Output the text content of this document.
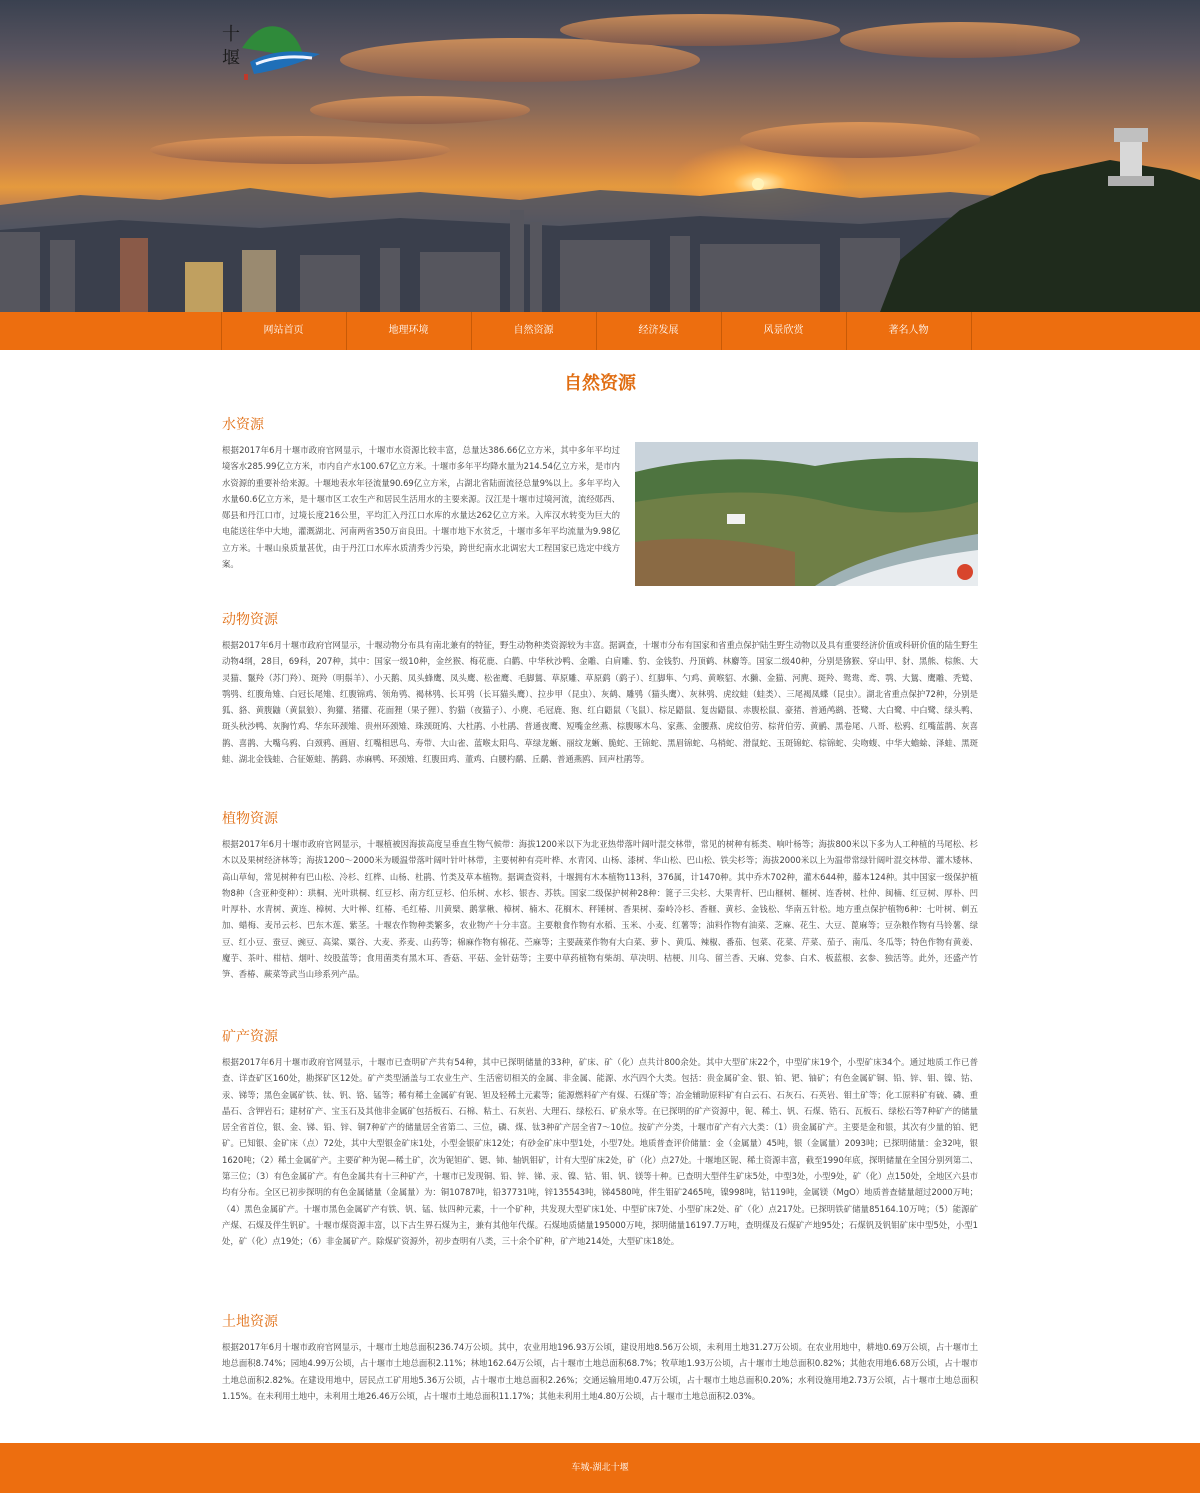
十
堰
网站首页	地理环境	自然资源	经济发展	风景欣赏	著名人物
自然资源
水资源

根据2017年6月十堰市政府官网显示，十堰市水资源比较丰富，总量达386.66亿立方米，其中多年平均过境客水285.99亿立方米，市内自产水100.67亿立方米。十堰市多年平均降水量为214.54亿立方米，是市内水资源的重要补给来源。十堰地表水年径流量90.69亿立方米，占湖北省陆面流径总量9%以上。多年平均入水量60.6亿立方米，是十堰市区工农生产和居民生活用水的主要来源。汉江是十堰市过境河流，流经郧西、郧县和丹江口市，过境长度216公里，平均汇入丹江口水库的水量达262亿立方米。入库汉水转变为巨大的电能送往华中大地，灌溉湖北、河南两省350万亩良田。十堰市地下水贫乏，十堰市多年平均流量为9.98亿立方米。十堰山泉质量甚优，由于丹江口水库水质清秀少污染，跨世纪南水北调宏大工程国家已选定中线方案。

动物资源

根据2017年6月十堰市政府官网显示，十堰动物分布具有南北兼有的特征，野生动物种类资源较为丰富。据调查，十堰市分布有国家和省重点保护陆生野生动物以及具有重要经济价值或科研价值的陆生野生动物4纲，28目，69科，207种，其中：国家一级10种，金丝猴、梅花鹿、白鹳、中华秋沙鸭、金雕、白肩雕、豹、金钱豹、丹顶鹤、林麝等。国家二级40种，分别是猕猴、穿山甲、豺、黑熊、棕熊、大灵猫、鬣羚（苏门羚）、斑羚（明鬃羊）、小天鹅、凤头蜂鹰、凤头鹰、松雀鹰、毛脚鵟、草原雕、草原鹞（鹞子）、红脚隼、勺鸡、黄喉貂、水獭、金猫、河麂、斑羚、鸳鸯、鸢、鹗、大鵟、鹰雕、秃鹫、鹗鸮、红腹角雉、白冠长尾雉、红腹锦鸡、领角鸮、褐林鸮、长耳鸮（长耳猫头鹰）、拉步甲（昆虫）、灰鹤、雕鸮（猫头鹰）、灰林鸮、虎纹蛙（蛙类）、三尾褐凤蝶（昆虫）。湖北省重点保护72种，分别是狐、貉、黄腹鼬（黄鼠狼）、狗獾、猪獾、花面狸（果子狸）、豹猫（夜猫子）、小麂、毛冠鹿、狍、红白鼯鼠（飞鼠）、棕足鼯鼠、复齿鼯鼠、赤腹松鼠、豪猪、普通鸬鹚、苍鹭、大白鹭、中白鹭、绿头鸭、斑头秋沙鸭、灰胸竹鸡、华东环颈雉、贵州环颈雉、珠颈斑鸠、大杜鹃、小杜鹃、普通夜鹰、短嘴金丝燕、棕腹啄木鸟、家燕、金腰燕、虎纹伯劳、棕背伯劳、黄鹂、黑卷尾、八哥、松鸦、红嘴蓝鹊、灰喜鹊、喜鹊、大嘴乌鸦、白颈鸦、画眉、红嘴相思鸟、寿带、大山雀、蓝喉太阳鸟、草绿龙蜥、丽纹龙蜥、脆蛇、王锦蛇、黑眉锦蛇、乌梢蛇、滑鼠蛇、玉斑锦蛇、棕锦蛇、尖吻蝮、中华大蟾蜍、泽蛙、黑斑蛙、湖北金钱蛙、合征姬蛙、鹊鹞、赤麻鸭、环颈雉、红腹田鸡、董鸡、白腰杓鹬、丘鹬、普通燕鸥、回声杜鹃等。

植物资源

根据2017年6月十堰市政府官网显示，十堰植被因海拔高度呈垂直生物气候带：海拔1200米以下为北亚热带落叶阔叶混交林带，常见的树种有栎类、响叶杨等；海拔800米以下多为人工种植的马尾松、杉木以及果树经济林等；海拔1200～2000米为暖温带落叶阔叶针叶林带，主要树种有亮叶桦、水青冈、山杨、漆树、华山松、巴山松、铁尖杉等；海拔2000米以上为温带常绿针阔叶混交林带、灌木矮林、高山草甸，常见树种有巴山松、冷杉、红桦、山杨、杜鹃、竹类及草本植物。据调查资料，十堰拥有木本植物113科，376属，计1470种。其中乔木702种，灌木644种，藤本124种。其中国家一级保护植物8种（含亚种变种）：珙桐、光叶珙桐、红豆杉、南方红豆杉、伯乐树、水杉、银杏、苏铁。国家二级保护树种28种：篦子三尖杉、大果青杆、巴山榧树、榧树、连香树、杜仲、闽楠、红豆树、厚朴、凹叶厚朴、水青树、黄连、樟树、大叶榉、红椿、毛红椿、川黄檗、鹅掌楸、樟树、楠木、花榈木、秤锤树、香果树、秦岭冷杉、香榧、黄杉、金钱松、华南五针松。地方重点保护植物6种：七叶树、刺五加、蜡梅、麦吊云杉、巴东木莲、紫茎。十堰农作物种类繁多，农业物产十分丰富。主要粮食作物有水稻、玉米、小麦、红薯等；油料作物有油菜、芝麻、花生、大豆、蓖麻等；豆杂粮作物有马铃薯、绿豆、红小豆、蚕豆、豌豆、高粱、粟谷、大麦、荞麦、山药等；棉麻作物有棉花、苎麻等；主要蔬菜作物有大白菜、萝卜、黄瓜、辣椒、番茄、包菜、花菜、芹菜、茄子、南瓜、冬瓜等；特色作物有黄姜、魔芋、茶叶、柑桔、烟叶、绞股蓝等；食用菌类有黑木耳、香菇、平菇、金针菇等；主要中草药植物有柴胡、草决明、桔梗、川乌、留兰香、天麻、党参、白术、板蓝根、玄参、独活等。此外，还盛产竹笋、香椿、蕨菜等武当山珍系列产品。

矿产资源

根据2017年6月十堰市政府官网显示，十堰市已查明矿产共有54种，其中已探明储量的33种，矿床、矿（化）点共计800余处。其中大型矿床22个，中型矿床19个，小型矿床34个。通过地质工作已普查、详查矿区160处，勘探矿区12处。矿产类型涵盖与工农业生产、生活密切相关的金属、非金属、能源、水汽四个大类。包括：贵金属矿金、银、铂、钯、铀矿；有色金属矿铜、铅、锌、钼、镍、钴、汞、锑等；黑色金属矿铁、钛、钒、铬、锰等；稀有稀土金属矿有铌、钽及轻稀土元素等；能源燃料矿产有煤、石煤矿等；冶金辅助原料矿有白云石、石灰石、石英岩、钼土矿等；化工原料矿有硫、磷、重晶石、含钾岩石；建材矿产、宝玉石及其他非金属矿包括板石、石棉、粘土、石灰岩、大理石、绿松石、矿泉水等。在已探明的矿产资源中，铌、稀土、钒、石煤、锆石、瓦板石、绿松石等7种矿产的储量居全省首位，银、金、锑、铅、锌、铜7种矿产的储量居全省第二、三位，磷、煤、钛3种矿产居全省7～10位。按矿产分类，十堰市矿产有六大类：（1）贵金属矿产。主要是金和银，其次有少量的铂、钯矿。已知银、金矿床（点）72处，其中大型银金矿床1处，小型金银矿床12处；有砂金矿床中型1处，小型7处。地质普查评价储量：金（金属量）45吨，银（金属量）2093吨；已探明储量：金32吨，银1620吨；（2）稀土金属矿产。主要矿种为铌—稀土矿，次为铌钽矿、锶、铈、轴钒钼矿，计有大型矿床2处，矿（化）点27处。十堰地区铌、稀土资源丰富，截至1990年底，探明储量在全国分别列第二、第三位；（3）有色金属矿产。有色金属共有十三种矿产，十堰市已发现铜、铅、锌、锑、汞、镍、钴、钼、钒、镁等十种。已查明大型伴生矿床5处，中型3处，小型9处，矿（化）点150处，全地区六县市均有分布。全区已初步探明的有色金属储量（金属量）为：铜10787吨，铅37731吨，锌135543吨，锑4580吨，伴生钼矿2465吨，镍998吨，钴119吨，金属镁（MgO）地质普查储量超过2000万吨；（4）黑色金属矿产。十堰市黑色金属矿产有铁、钒、锰、钛四种元素，十一个矿种，共发现大型矿床1处、中型矿床7处、小型矿床2处、矿（化）点217处。已探明铁矿储量85164.10万吨；（5）能源矿产煤、石煤及伴生钒矿。十堰市煤资源丰富，以下古生界石煤为主，兼有其他年代煤。石煤地质储量195000万吨，探明储量16197.7万吨，查明煤及石煤矿产地95处；石煤钒及钒钼矿床中型5处，小型1处，矿（化）点19处；（6）非金属矿产。除煤矿资源外，初步查明有八类，三十余个矿种，矿产地214处，大型矿床18处。

土地资源

根据2017年6月十堰市政府官网显示，十堰市土地总面积236.74万公顷。其中，农业用地196.93万公顷，建设用地8.56万公顷，未利用土地31.27万公顷。在农业用地中，耕地0.69万公顷，占十堰市土地总面积8.74%；园地4.99万公顷，占十堰市土地总面积2.11%；林地162.64万公顷，占十堰市土地总面积68.7%；牧草地1.93万公顷，占十堰市土地总面积0.82%；其他农用地6.68万公顷，占十堰市土地总面积2.82%。在建设用地中，居民点工矿用地5.36万公顷，占十堰市土地总面积2.26%；交通运输用地0.47万公顷，占十堰市土地总面积0.20%；水利设施用地2.73万公顷，占十堰市土地总面积1.15%。在未利用土地中，未利用土地26.46万公顷，占十堰市土地总面积11.17%；其他未利用土地4.80万公顷，占十堰市土地总面积2.03%。

车城-湖北十堰
